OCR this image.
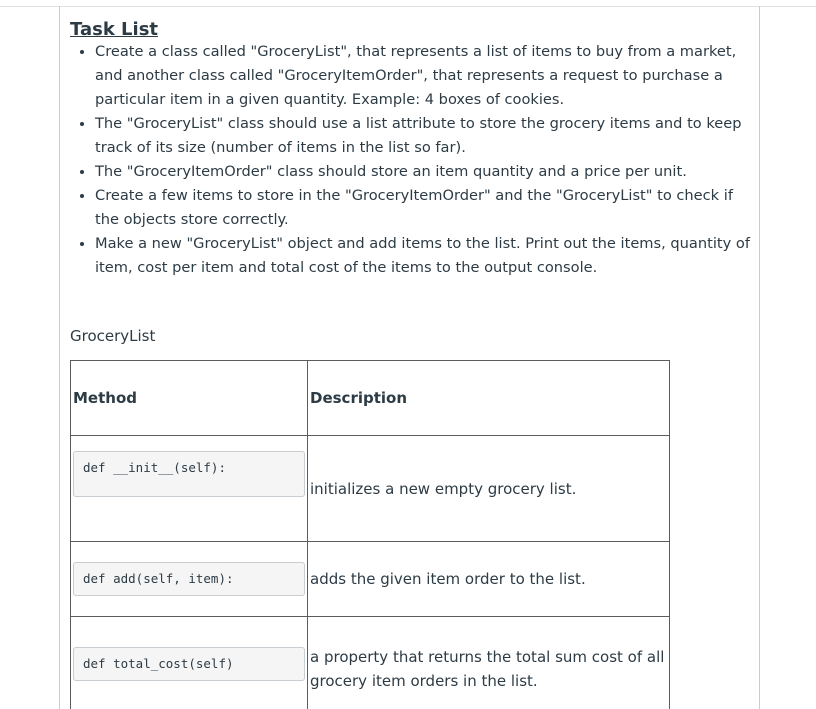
Task List
• Create a class called "GroceryList", that represents a list of items to buy from a market, and another class called "GroceryItemOrder", that represents a request to purchase a particular item in a given quantity. Example: 4 boxes of cookies.
• The "GroceryList" class should use a list attribute to store the grocery items and to keep track of its size (number of items in the list so far).
• The "GroceryItemOrder" class should store an item quantity and a price per unit.
• Create a few items to store in the "GroceryItemOrder" and the "GroceryList" to check if the objects store correctly.
• Make a new "GroceryList" object and add items to the list. Print out the items, quantity of item, cost per item and total cost of the items to the output console.
GroceryList
Method	Description

def __init__(self):	initializes a new empty grocery list.

def add(self, item):	adds the given item order to the list.

def total_cost(self)	a property that returns the total sum cost of all grocery item orders in the list.
